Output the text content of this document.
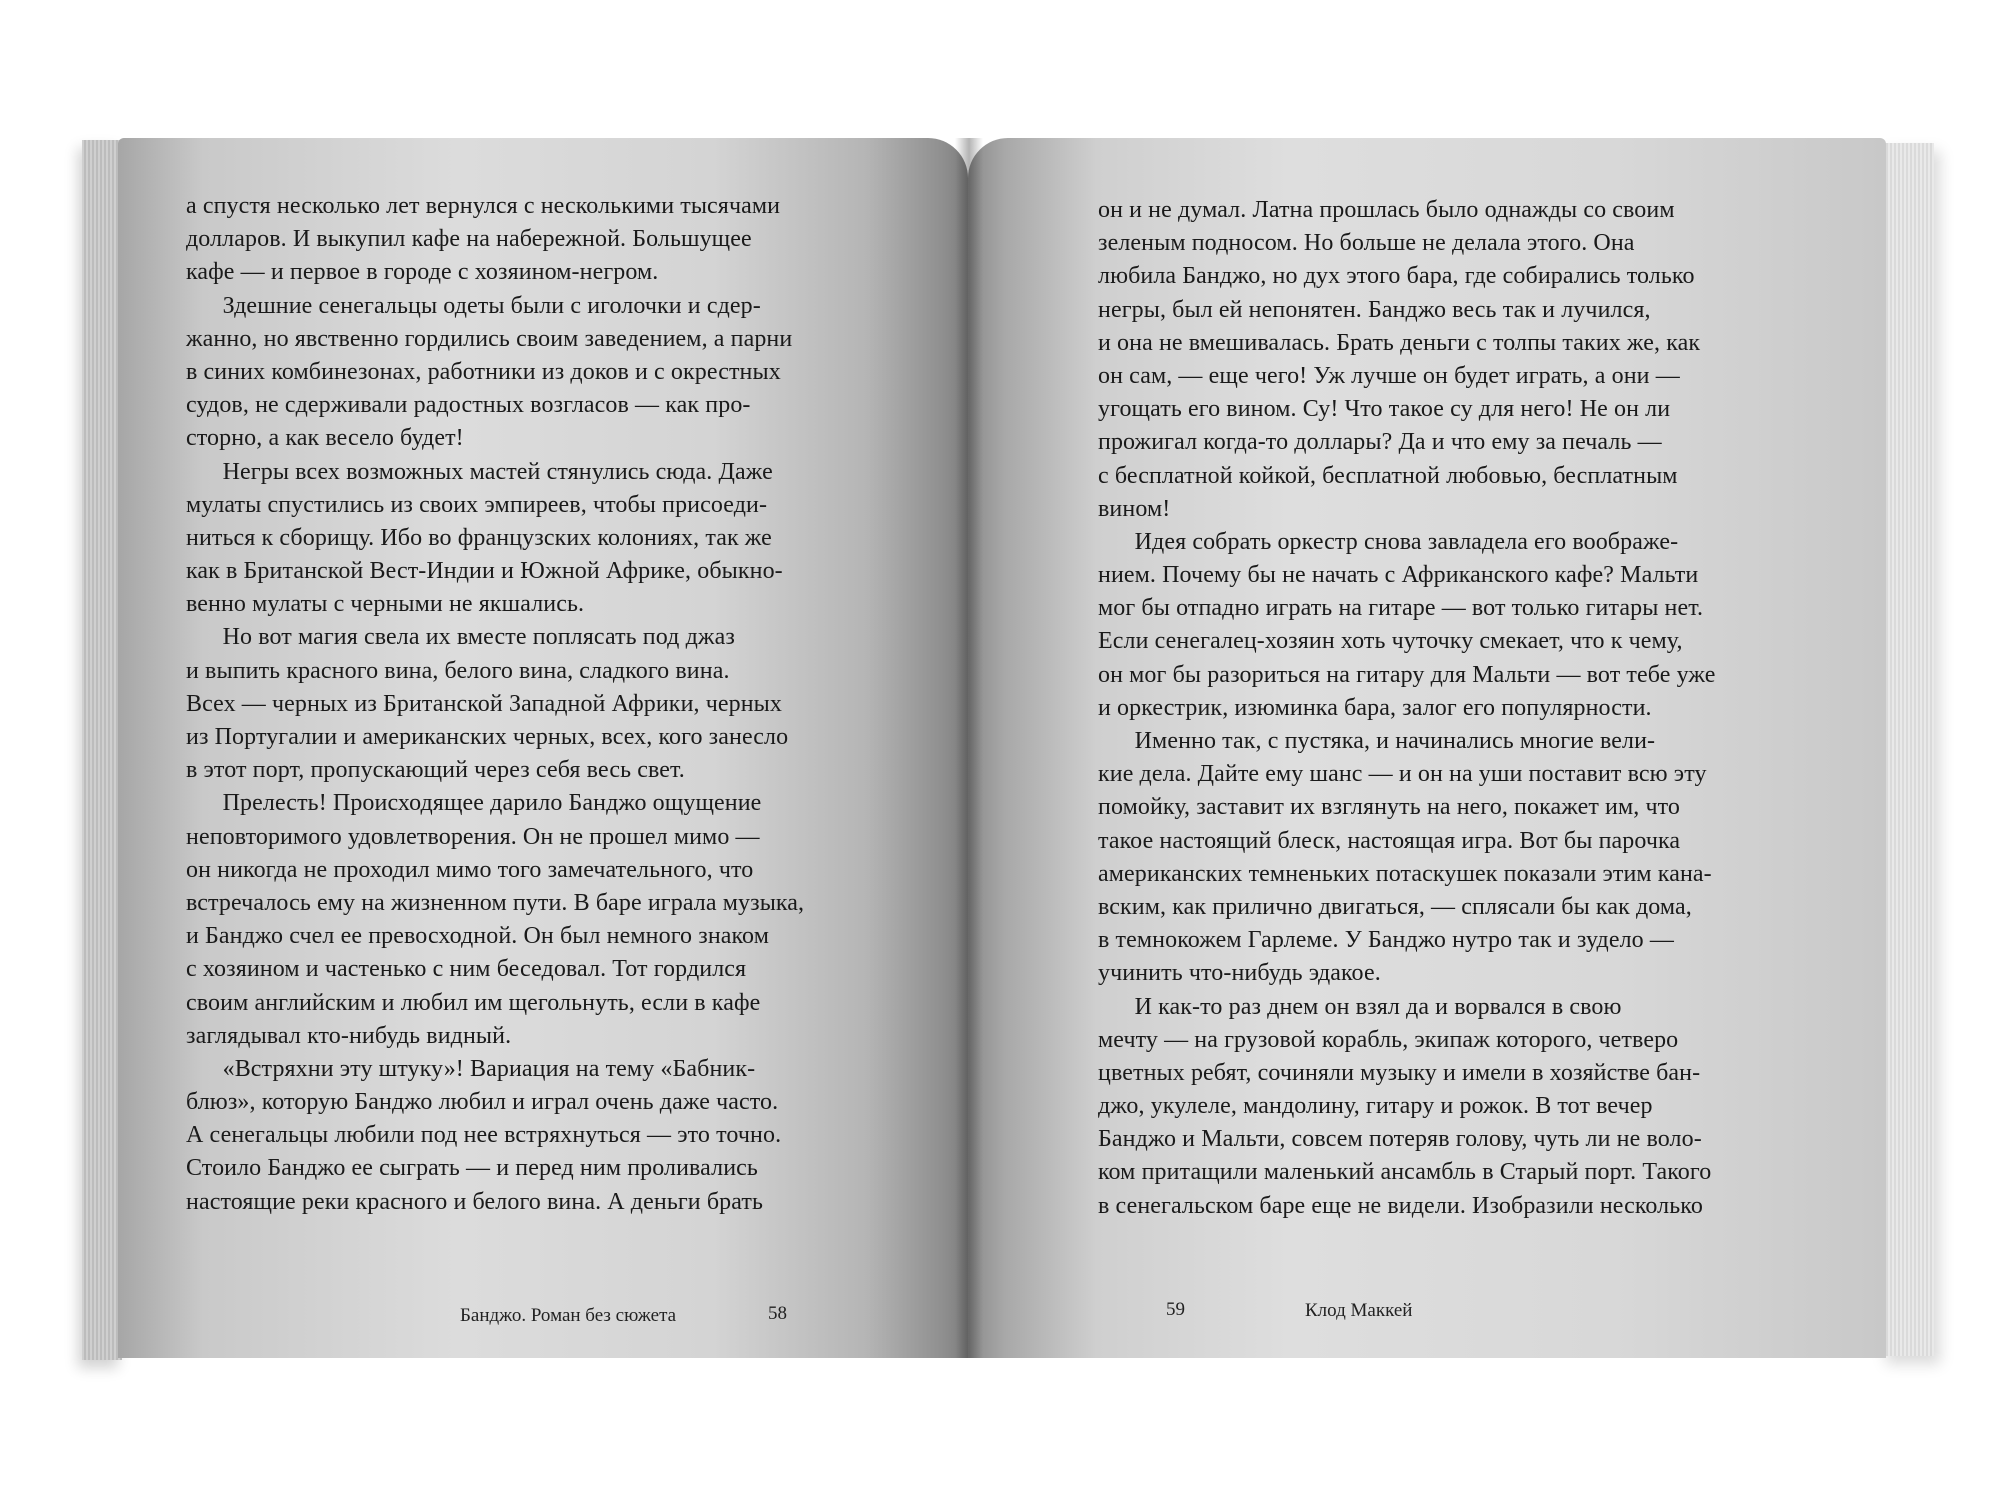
а спустя несколько лет вернулся с несколькими тысячами
долларов. И выкупил кафе на набережной. Большущее
кафе — и первое в городе с хозяином-негром.
Здешние сенегальцы одеты были с иголочки и сдер-
жанно, но явственно гордились своим заведением, а парни
в синих комбинезонах, работники из доков и с окрестных
судов, не сдерживали радостных возгласов — как про-
сторно, а как весело будет!
Негры всех возможных мастей стянулись сюда. Даже
мулаты спустились из своих эмпиреев, чтобы присоеди-
ниться к сборищу. Ибо во французских колониях, так же
как в Британской Вест-Индии и Южной Африке, обыкно-
венно мулаты с черными не якшались.
Но вот магия свела их вместе поплясать под джаз
и выпить красного вина, белого вина, сладкого вина.
Всех — черных из Британской Западной Африки, черных
из Португалии и американских черных, всех, кого занесло
в этот порт, пропускающий через себя весь свет.
Прелесть! Происходящее дарило Банджо ощущение
неповторимого удовлетворения. Он не прошел мимо —
он никогда не проходил мимо того замечательного, что
встречалось ему на жизненном пути. В баре играла музыка,
и Банджо счел ее превосходной. Он был немного знаком
с хозяином и частенько с ним беседовал. Тот гордился
своим английским и любил им щегольнуть, если в кафе
заглядывал кто-нибудь видный.
«Встряхни эту штуку»! Вариация на тему «Бабник-
блюз», которую Банджо любил и играл очень даже часто.
А сенегальцы любили под нее встряхнуться — это точно.
Стоило Банджо ее сыграть — и перед ним проливались
настоящие реки красного и белого вина. А деньги брать
он и не думал. Латна прошлась было однажды со своим
зеленым подносом. Но больше не делала этого. Она
любила Банджо, но дух этого бара, где собирались только
негры, был ей непонятен. Банджо весь так и лучился,
и она не вмешивалась. Брать деньги с толпы таких же, как
он сам, — еще чего! Уж лучше он будет играть, а они —
угощать его вином. Су! Что такое су для него! Не он ли
прожигал когда-то доллары? Да и что ему за печаль —
с бесплатной койкой, бесплатной любовью, бесплатным
вином!
Идея собрать оркестр снова завладела его воображе-
нием. Почему бы не начать с Африканского кафе? Мальти
мог бы отпадно играть на гитаре — вот только гитары нет.
Если сенегалец-хозяин хоть чуточку смекает, что к чему,
он мог бы разориться на гитару для Мальти — вот тебе уже
и оркестрик, изюминка бара, залог его популярности.
Именно так, с пустяка, и начинались многие вели-
кие дела. Дайте ему шанс — и он на уши поставит всю эту
помойку, заставит их взглянуть на него, покажет им, что
такое настоящий блеск, настоящая игра. Вот бы парочка
американских темненьких потаскушек показали этим кана-
вским, как прилично двигаться, — сплясали бы как дома,
в темнокожем Гарлеме. У Банджо нутро так и зудело —
учинить что-нибудь эдакое.
И как-то раз днем он взял да и ворвался в свою
мечту — на грузовой корабль, экипаж которого, четверо
цветных ребят, сочиняли музыку и имели в хозяйстве бан-
джо, укулеле, мандолину, гитару и рожок. В тот вечер
Банджо и Мальти, совсем потеряв голову, чуть ли не воло-
ком притащили маленький ансамбль в Старый порт. Такого
в сенегальском баре еще не видели. Изобразили несколько
Банджо. Роман без сюжета	58	59	Клод Маккей
